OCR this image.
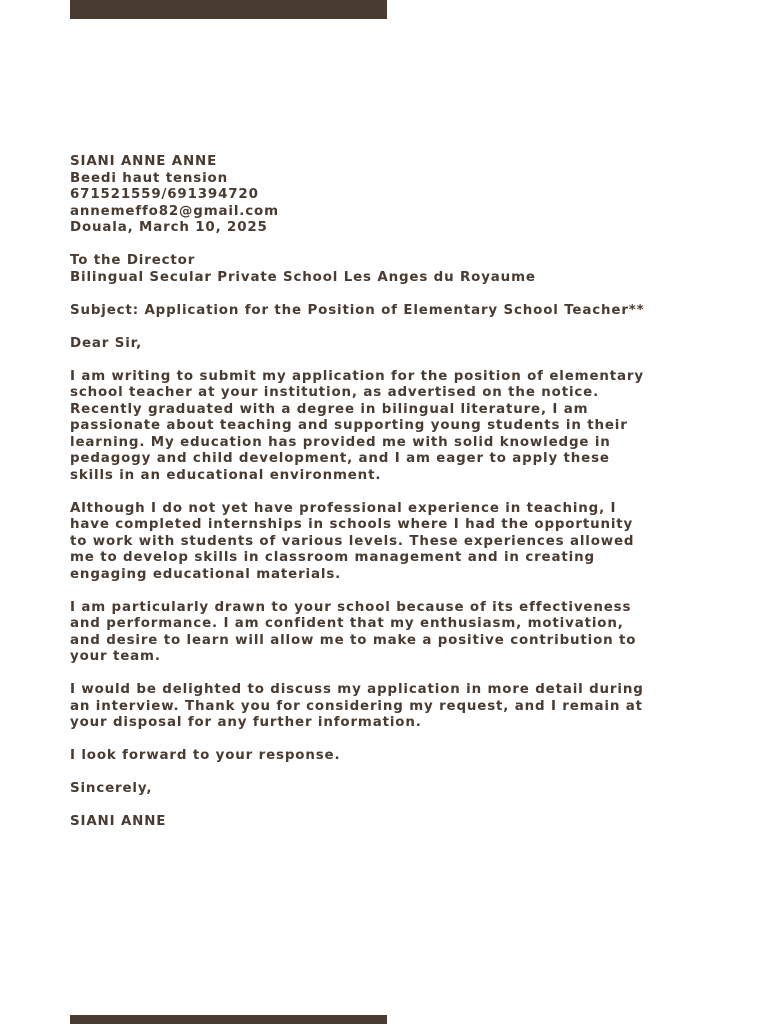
SIANI ANNE ANNE
Beedi haut tension
671521559/691394720
annemeffo82@gmail.com
Douala, March 10, 2025
To the Director
Bilingual Secular Private School Les Anges du Royaume
Subject: Application for the Position of Elementary School Teacher**
Dear Sir,
I am writing to submit my application for the position of elementary
school teacher at your institution, as advertised on the notice.
Recently graduated with a degree in bilingual literature, I am
passionate about teaching and supporting young students in their
learning. My education has provided me with solid knowledge in
pedagogy and child development, and I am eager to apply these
skills in an educational environment.
Although I do not yet have professional experience in teaching, I
have completed internships in schools where I had the opportunity
to work with students of various levels. These experiences allowed
me to develop skills in classroom management and in creating
engaging educational materials.
I am particularly drawn to your school because of its effectiveness
and performance. I am confident that my enthusiasm, motivation,
and desire to learn will allow me to make a positive contribution to
your team.
I would be delighted to discuss my application in more detail during
an interview. Thank you for considering my request, and I remain at
your disposal for any further information.
I look forward to your response.
Sincerely,
SIANI ANNE
